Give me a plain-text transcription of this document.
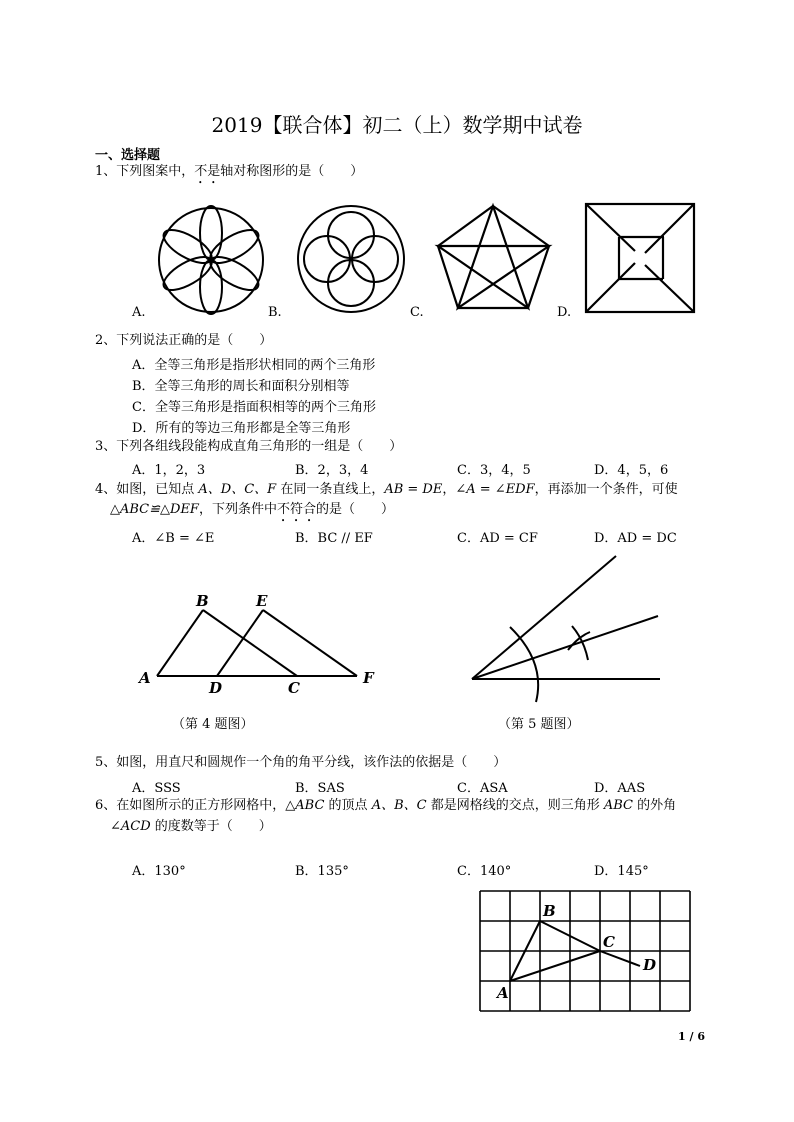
2019【联合体】初二（上）数学期中试卷
一、选择题
1、下列图案中，不是轴对称图形的是（　　）
A.	B.	C.	D.
2、下列说法正确的是（　　）
A．全等三角形是指形状相同的两个三角形
B．全等三角形的周长和面积分别相等
C．全等三角形是指面积相等的两个三角形
D．所有的等边三角形都是全等三角形
3、下列各组线段能构成直角三角形的一组是（　　）
A．1，2，3	B．2，3，4	C．3，4，5	D．4，5，6
4、如图，已知点 A、D、C、F 在同一条直线上，AB = DE，∠A = ∠EDF，再添加一个条件，可使
△ABC≌△DEF，下列条件中不符合的是（　　）
A．∠B = ∠E	B．BC // EF	C．AD = CF	D．AD = DC
B	E
A
D	C
F
（第 4 题图）	（第 5 题图）
5、如图，用直尺和圆规作一个角的角平分线，该作法的依据是（　　）
A．SSS	B．SAS	C．ASA	D．AAS
6、在如图所示的正方形网格中，△ABC 的顶点 A、B、C 都是网格线的交点，则三角形 ABC 的外角
∠ACD 的度数等于（　　）
A．130°	B．135°	C．140°	D．145°
A
B
C
D
1 / 6
